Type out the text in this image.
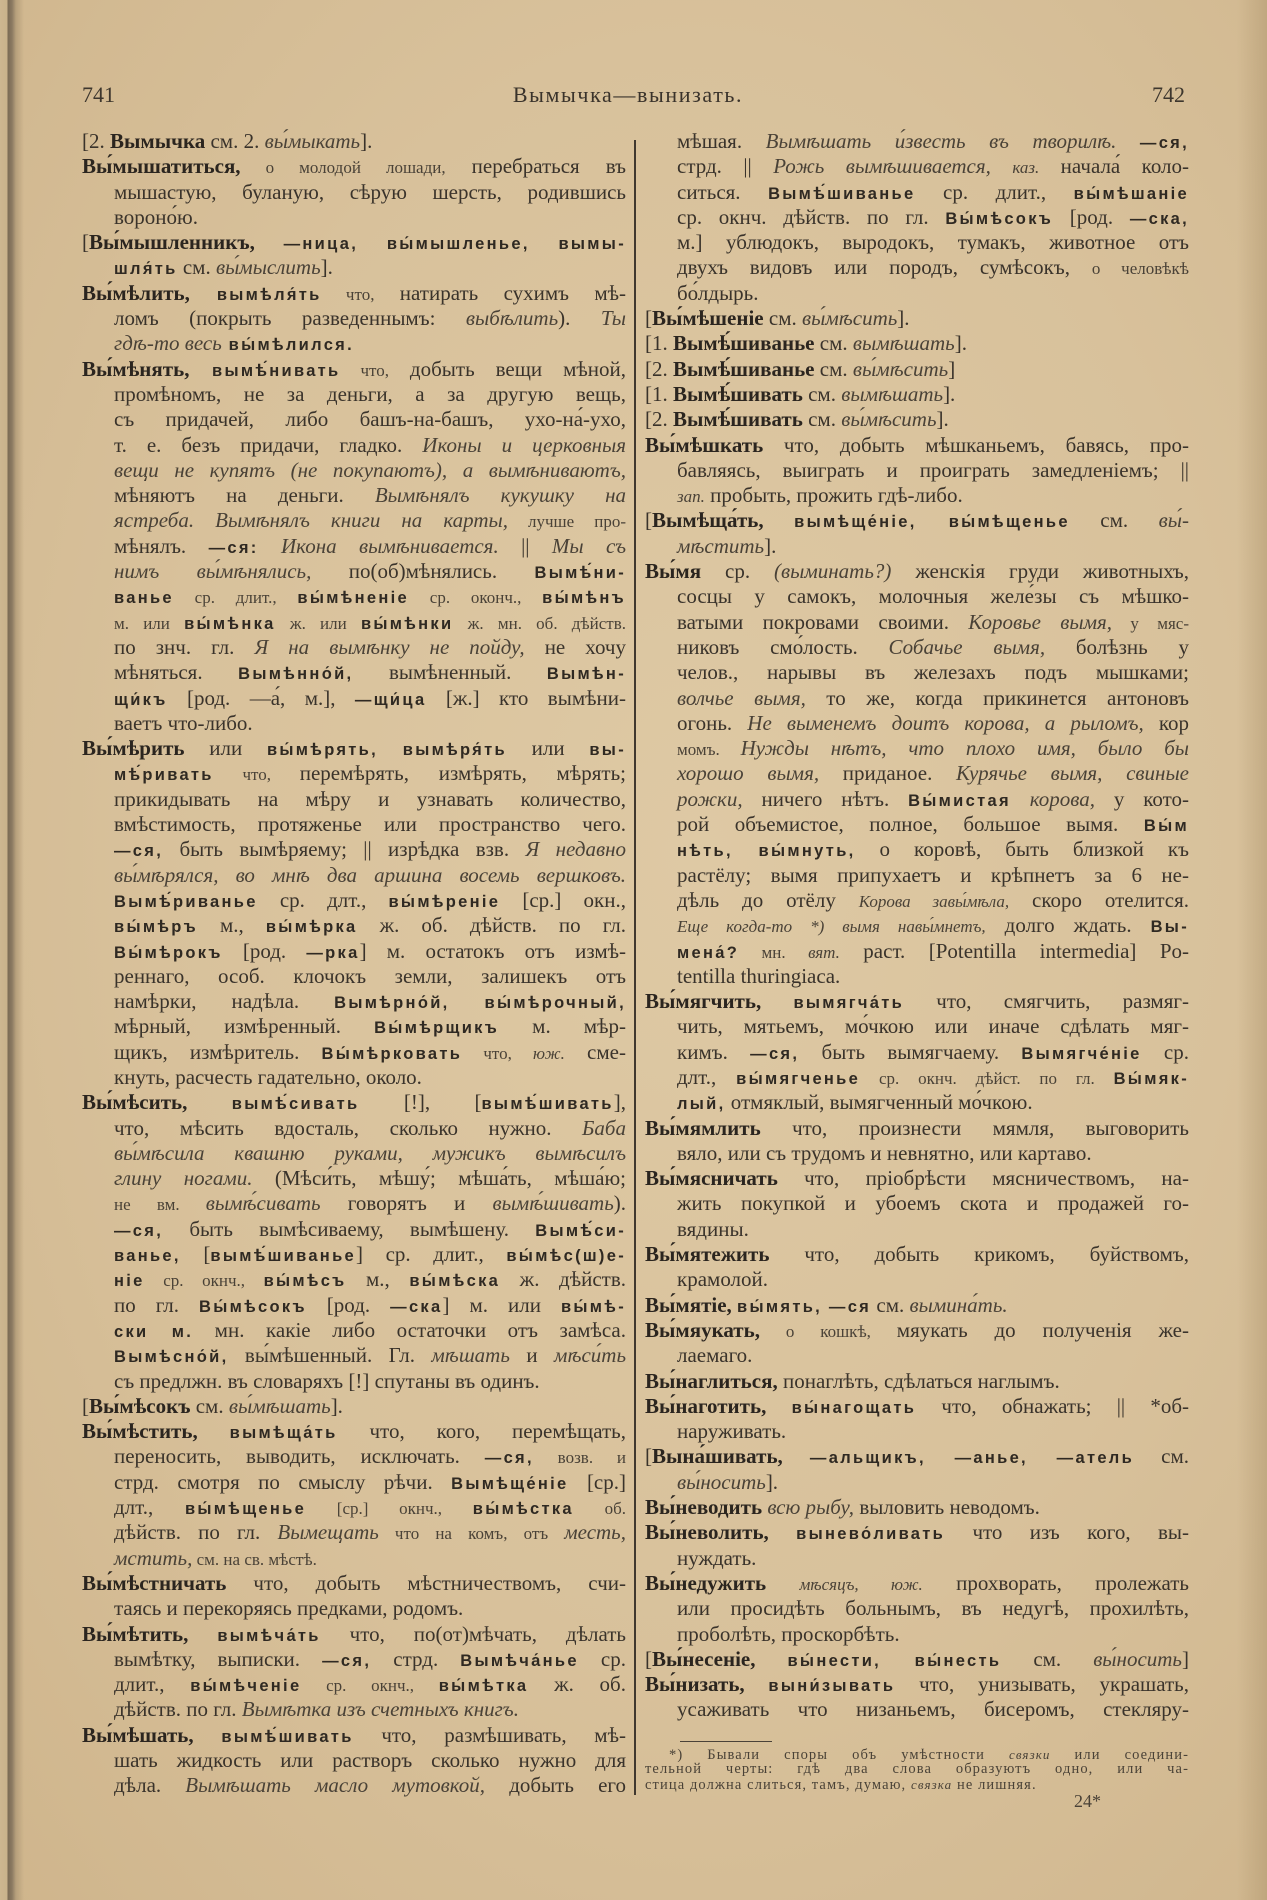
741	Вымычка—вынизать.	742
[2. Вымычка см. 2. вы́мыкать].
Вы́мышатиться, о молодой лошади, перебраться въ
мышастую, буланую, сѣрую шерсть, родившись
вороно́ю.
[Вы́мышленникъ, —ница, вы́мышленье, вымы-
шля́ть см. вы́мыслить].
Вы́мѣлить, вымѣля́ть что, натирать сухимъ мѣ-
ломъ (покрыть разведеннымъ: выбѣлить). Ты
гдѣ-то весь вы́мѣлился.
Вы́мѣнять, вымѣ́нивать что, добыть вещи мѣной,
промѣномъ, не за деньги, а за другую вещь,
съ придачей, либо башъ-на-башъ, ухо-на́-ухо,
т. е. безъ придачи, гладко. Иконы и церковныя
вещи не купятъ (не покупаютъ), а вымѣниваютъ,
мѣняютъ на деньги. Вымѣнялъ кукушку на
ястреба. Вымѣнялъ книги на карты, лучше про-
мѣнялъ. —ся: Икона вымѣнивается. || Мы съ
нимъ вы́мѣнялись, по(об)мѣнялись. Вымѣ́ни-
ванье ср. длит., вы́мѣненіе ср. оконч., вы́мѣнъ
м. или вы́мѣнка ж. или вы́мѣнки ж. мн. об. дѣйств.
по знч. гл. Я на вымѣнку не пойду, не хочу
мѣняться. Вымѣнно́й, вымѣненный. Вымѣн-
щи́къ [род. —а́, м.], —щи́ца [ж.] кто вымѣни-
ваетъ что-либо.
Вы́мѣрить или вы́мѣрять, вымѣря́ть или вы-
мѣ́ривать что, перемѣрять, измѣрять, мѣрять;
прикидывать на мѣру и узнавать количество,
вмѣстимость, протяженье или пространство чего.
—ся, быть вымѣряему; || изрѣдка взв. Я недавно
вы́мѣрялся, во мнѣ два аршина восемь вершковъ.
Вымѣ́риванье ср. длт., вы́мѣреніе [ср.] окн.,
вы́мѣръ м., вы́мѣрка ж. об. дѣйств. по гл.
Вы́мѣрокъ [род. —рка] м. остатокъ отъ измѣ-
реннаго, особ. клочокъ земли, залишекъ отъ
намѣрки, надѣла. Вымѣрно́й, вы́мѣрочный,
мѣрный, измѣренный. Вы́мѣрщикъ м. мѣр-
щикъ, измѣритель. Вы́мѣрковать что, юж. сме-
кнуть, расчесть гадательно, около.
Вы́мѣсить,	вымѣ́сивать [!], [вымѣ́шивать],
что, мѣсить вдосталь, сколько нужно. Баба
вы́мѣсила квашню руками, мужикъ вымѣсилъ
глину ногами. (Мѣси́ть, мѣшу́; мѣша́ть, мѣша́ю;
не вм. вымѣ́сивать говорятъ и вымѣ́шивать).
—ся, быть вымѣсиваему, вымѣшену. Вымѣ́си-
ванье, [вымѣ́шиванье] ср. длит., вы́мѣс(ш)е-
ніе ср. окнч., вы́мѣсъ м., вы́мѣска ж. дѣйств.
по гл. Вы́мѣсокъ [род. —ска] м. или вы́мѣ-
ски м. мн. какіе либо остаточки отъ замѣса.
Вымѣсно́й, вы́мѣшенный. Гл. мѣшать и мѣси́ть
съ предлжн. въ словаряхъ [!] спутаны въ одинъ.
[Вы́мѣсокъ см. вы́мѣшать].
Вы́мѣстить, вымѣща́ть что, кого, перемѣщать,
переносить, выводить, исключать. —ся, возв. и
стрд. смотря по смыслу рѣчи. Вымѣще́ніе [ср.]
длт., вы́мѣщенье [ср.] окнч., вы́мѣстка об.
дѣйств. по гл. Вымещать что на комъ, отъ месть,
мстить, см. на св. мѣстѣ.
Вы́мѣстничать что, добыть мѣстничествомъ, счи-
таясь и перекоряясь предками, родомъ.
Вы́мѣтить, вымѣча́ть что, по(от)мѣчать, дѣлать
вымѣтку, выписки. —ся, стрд. Вымѣча́нье ср.
длит., вы́мѣченіе ср. окнч., вы́мѣтка ж. об.
дѣйств. по гл. Вымѣтка изъ счетныхъ книгъ.
Вы́мѣшать, вымѣ́шивать что, размѣшивать, мѣ-
шать жидкость или растворъ сколько нужно для
дѣла. Вымѣшать масло мутовкой, добыть его
мѣшая. Вымѣшать и́звесть въ творилѣ. —ся,
стрд. || Рожь вымѣшивается, каз. начала́ коло-
ситься. Вымѣ́шиванье ср. длит., вы́мѣшаніе
ср. окнч. дѣйств. по гл. Вы́мѣсокъ [род. —ска,
м.] ублюдокъ, выродокъ, тумакъ, животное отъ
двухъ видовъ или породъ, сумѣсокъ, о человѣкѣ
бо́лдырь.
[Вы́мѣшеніе см. вы́мѣсить].
[1. Вымѣ́шиванье см. вымѣшать].
[2. Вымѣ́шиванье см. вы́мѣсить]
[1. Вымѣ́шивать см. вымѣшать].
[2. Вымѣ́шивать см. вы́мѣсить].
Вы́мѣшкать что, добыть мѣшканьемъ, бавясь, про-
бавляясь, выиграть и проиграть замедленіемъ; ||
зап. пробыть, прожить гдѣ-либо.
[Вымѣща́ть, вымѣще́ніе, вы́мѣщенье см. вы́-
мѣстить].
Вы́мя ср. (выминать?) женскія груди животныхъ,
сосцы у самокъ, молочныя желе́зы съ мѣшко-
ватыми покровами своими. Коровье вымя, у мяс-
никовъ смо́лость. Собачье вымя, болѣзнь у
челов., нарывы въ железахъ подъ мышками;
волчье вымя, то же, когда прикинется антоновъ
огонь. Не выменемъ доитъ корова, а рыломъ, кор
момъ. Нужды нѣтъ, что плохо имя, было бы
хорошо вымя, приданое. Курячье вымя, свиные
рожки, ничего нѣтъ. Вы́мистая корова, у кото-
рой объемистое, полное, большое вымя. Вы́м
нѣть, вы́мнуть, о коровѣ, быть близкой къ
растёлу; вымя припухаетъ и крѣпнетъ за 6 не-
дѣль до отёлу Корова завы́мѣла, скоро отелится.
Еще когда-то *) вымя навы́мнетъ, долго ждать. Вы-
мена́? мн. вят. раст. [Potentilla intermedia] Po-
tentilla thuringiaca.
Вы́мягчить, вымягча́ть что, смягчить, размяг-
чить, мятьемъ, мо́чкою или иначе сдѣлать мяг-
кимъ. —ся, быть вымягчаему. Вымягче́ніе ср.
длт., вы́мягченье ср. окнч. дѣйст. по гл. Вы́мяк-
лый, отмяклый, вымягченный мо́чкою.
Вы́мямлить что, произнести мямля, выговорить
вяло, или съ трудомъ и невнятно, или картаво.
Вы́мясничать что, пріобрѣсти мясничествомъ, на-
жить покупкой и убоемъ скота и продажей го-
вядины.
Вы́мятежить что, добыть крикомъ, буйствомъ,
крамолой.
Вы́мятіе, вы́мять, —ся см. вымина́ть.
Вы́мяукать, о кошкѣ, мяукать до полученія же-
лаемаго.
Вы́наглиться, понаглѣть, сдѣлаться наглымъ.
Вы́наготить, вы́нагощать что, обнажать; || *об-
наруживать.
[Вына́шивать, —альщикъ, —анье, —атель см.
вы́носить].
Вы́неводить всю рыбу, выловить неводомъ.
Вы́неволить, вынево́ливать что изъ кого, вы-
нуждать.
Вы́недужить мѣсяцъ, юж. прохворать, пролежать
или просидѣть больнымъ, въ недугѣ, прохилѣть,
проболѣть, проскорбѣть.
[Вы́несеніе, вы́нести, вы́несть см. вы́носить]
Вы́низать, выни́зывать что, унизывать, украшать,
усаживать что низаньемъ, бисеромъ, стекляру-
*) Бывали споры объ умѣстности связки или соедини-
тельной черты: гдѣ два слова образуютъ одно, или ча-
стица должна слиться, тамъ, думаю, связка не лишняя.
24*
